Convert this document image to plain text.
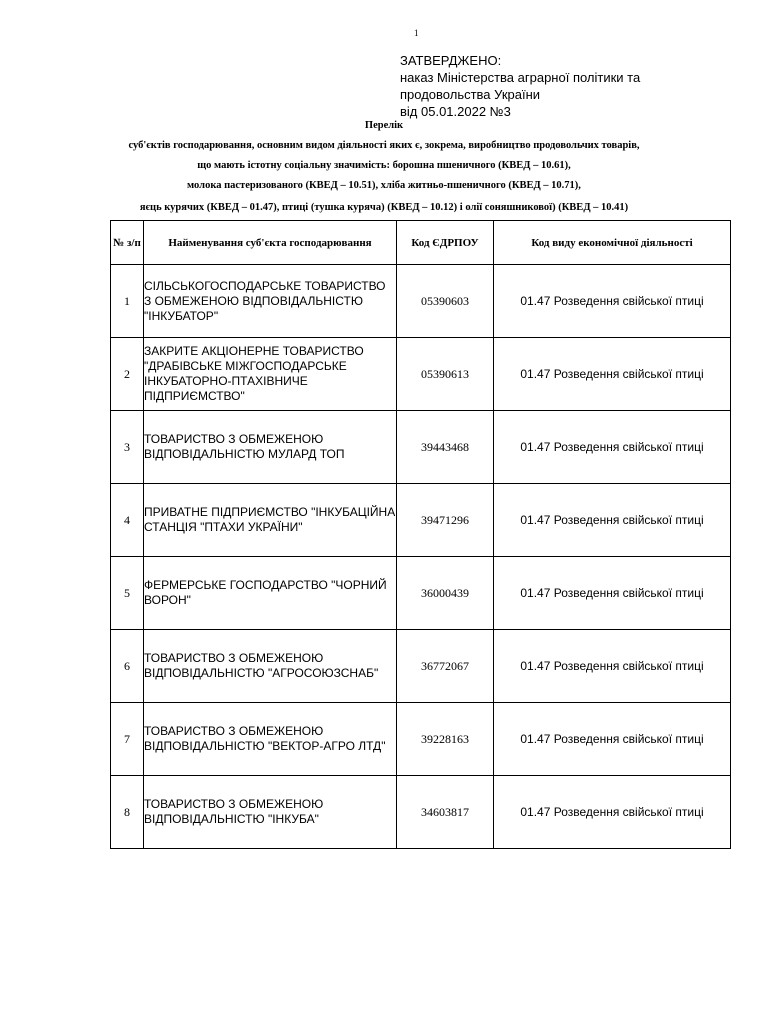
1
ЗАТВЕРДЖЕНО:
наказ Міністерства аграрної політики та
продовольства України
від 05.01.2022 №3
Перелік
суб'єктів господарювання, основним видом діяльності яких є, зокрема, виробництво продовольчих товарів,
що мають істотну соціальну значимість: борошна пшеничного (КВЕД – 10.61),
молока пастеризованого (КВЕД – 10.51), хліба житньо-пшеничного (КВЕД – 10.71),
яєць курячих (КВЕД – 01.47), птиці (тушка куряча) (КВЕД – 10.12) і олії соняшникової) (КВЕД – 10.41)
№ з/п	Найменування суб'єкта господарювання	Код ЄДРПОУ	Код виду економічної діяльності
1	СІЛЬСЬКОГОСПОДАРСЬКЕ ТОВАРИСТВО З ОБМЕЖЕНОЮ ВІДПОВІДАЛЬНІСТЮ "ІНКУБАТОР"	05390603	01.47 Розведення свійської птиці
2	ЗАКРИТЕ АКЦІОНЕРНЕ ТОВАРИСТВО "ДРАБІВСЬКЕ МІЖГОСПОДАРСЬКЕ ІНКУБАТОРНО-ПТАХІВНИЧЕ ПІДПРИЄМСТВО"	05390613	01.47 Розведення свійської птиці
3	ТОВАРИСТВО З ОБМЕЖЕНОЮ ВІДПОВІДАЛЬНІСТЮ МУЛАРД ТОП	39443468	01.47 Розведення свійської птиці
4	ПРИВАТНЕ ПІДПРИЄМСТВО "ІНКУБАЦІЙНА СТАНЦІЯ "ПТАХИ УКРАЇНИ"	39471296	01.47 Розведення свійської птиці
5	ФЕРМЕРСЬКЕ ГОСПОДАРСТВО "ЧОРНИЙ ВОРОН"	36000439	01.47 Розведення свійської птиці
6	ТОВАРИСТВО З ОБМЕЖЕНОЮ ВІДПОВІДАЛЬНІСТЮ "АГРОСОЮЗСНАБ"	36772067	01.47 Розведення свійської птиці
7	ТОВАРИСТВО З ОБМЕЖЕНОЮ ВІДПОВІДАЛЬНІСТЮ "ВЕКТОР-АГРО ЛТД"	39228163	01.47 Розведення свійської птиці
8	ТОВАРИСТВО З ОБМЕЖЕНОЮ ВІДПОВІДАЛЬНІСТЮ "ІНКУБА"	34603817	01.47 Розведення свійської птиці
